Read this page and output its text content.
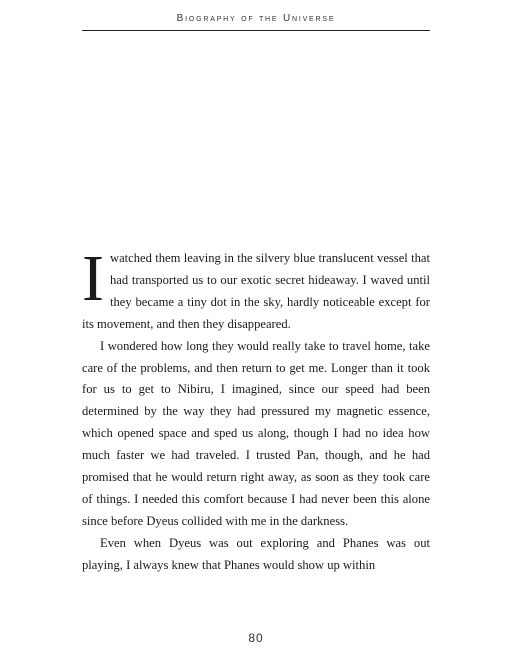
Biography of the Universe

I watched them leaving in the silvery blue translucent vessel that had transported us to our exotic secret hideaway. I waved until they became a tiny dot in the sky, hardly noticeable except for its movement, and then they disappeared.

I wondered how long they would really take to travel home, take care of the problems, and then return to get me. Longer than it took for us to get to Nibiru, I imagined, since our speed had been determined by the way they had pressured my magnetic essence, which opened space and sped us along, though I had no idea how much faster we had traveled. I trusted Pan, though, and he had promised that he would return right away, as soon as they took care of things. I needed this comfort because I had never been this alone since before Dyeus collided with me in the darkness.

Even when Dyeus was out exploring and Phanes was out playing, I always knew that Phanes would show up within

80
